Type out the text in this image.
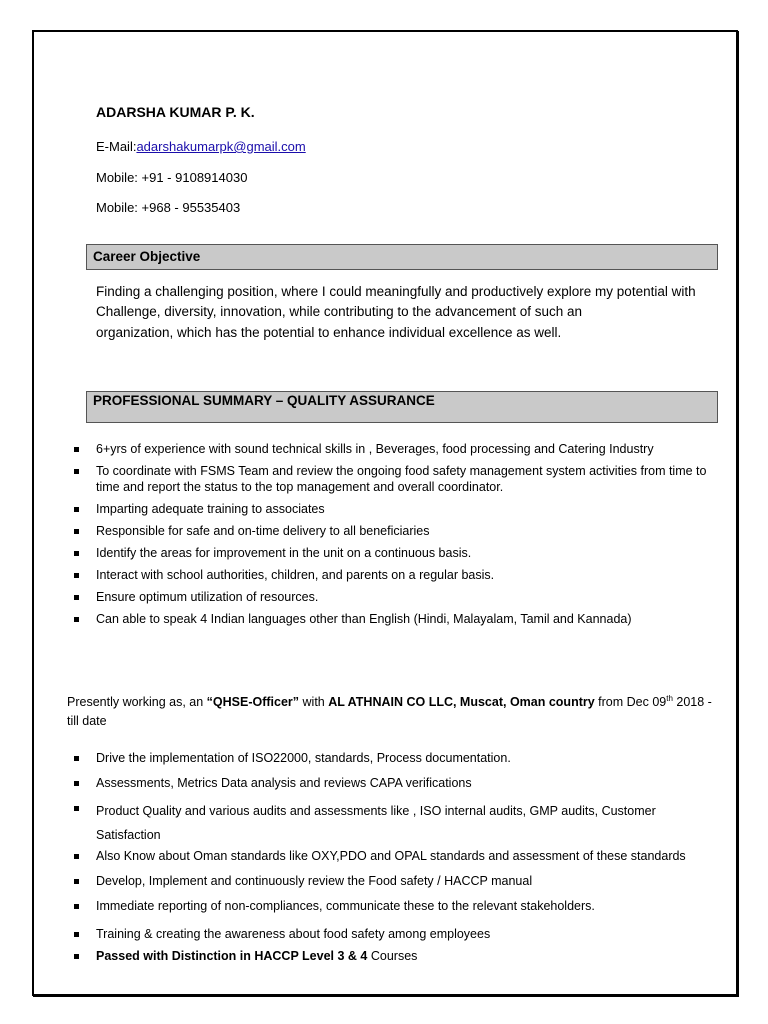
ADARSHA KUMAR P. K.
E-Mail:adarshakumarpk@gmail.com
Mobile: +91 - 9108914030
Mobile: +968 - 95535403
Career Objective

Finding a challenging position, where I could meaningfully and productively explore my potential with

Challenge, diversity, innovation, while contributing to the advancement of such an

organization, which has the potential to enhance individual excellence as well.

PROFESSIONAL SUMMARY – QUALITY ASSURANCE
6+yrs of experience with sound technical skills in , Beverages, food processing and Catering Industry
To coordinate with FSMS Team and review the ongoing food safety management system activities from time to time and report the status to the top management and overall coordinator.
Imparting adequate training to associates
Responsible for safe and on-time delivery to all beneficiaries
Identify the areas for improvement in the unit on a continuous basis.
Interact with school authorities, children, and parents on a regular basis.
Ensure optimum utilization of resources.
Can able to speak 4 Indian languages other than English (Hindi, Malayalam, Tamil and Kannada)
Presently working as, an “QHSE-Officer” with AL ATHNAIN CO LLC, Muscat, Oman country from Dec 09th 2018 - till date
Drive the implementation of ISO22000, standards, Process documentation.
Assessments, Metrics Data analysis and reviews CAPA verifications
Product Quality and various audits and assessments like , ISO internal audits, GMP audits, Customer Satisfaction
Also Know about Oman standards like OXY,PDO and OPAL standards and assessment of these standards
Develop, Implement and continuously review the Food safety / HACCP manual
Immediate reporting of non-compliances, communicate these to the relevant stakeholders.
Training & creating the awareness about food safety among employees
Passed with Distinction in HACCP Level 3 & 4 Courses
